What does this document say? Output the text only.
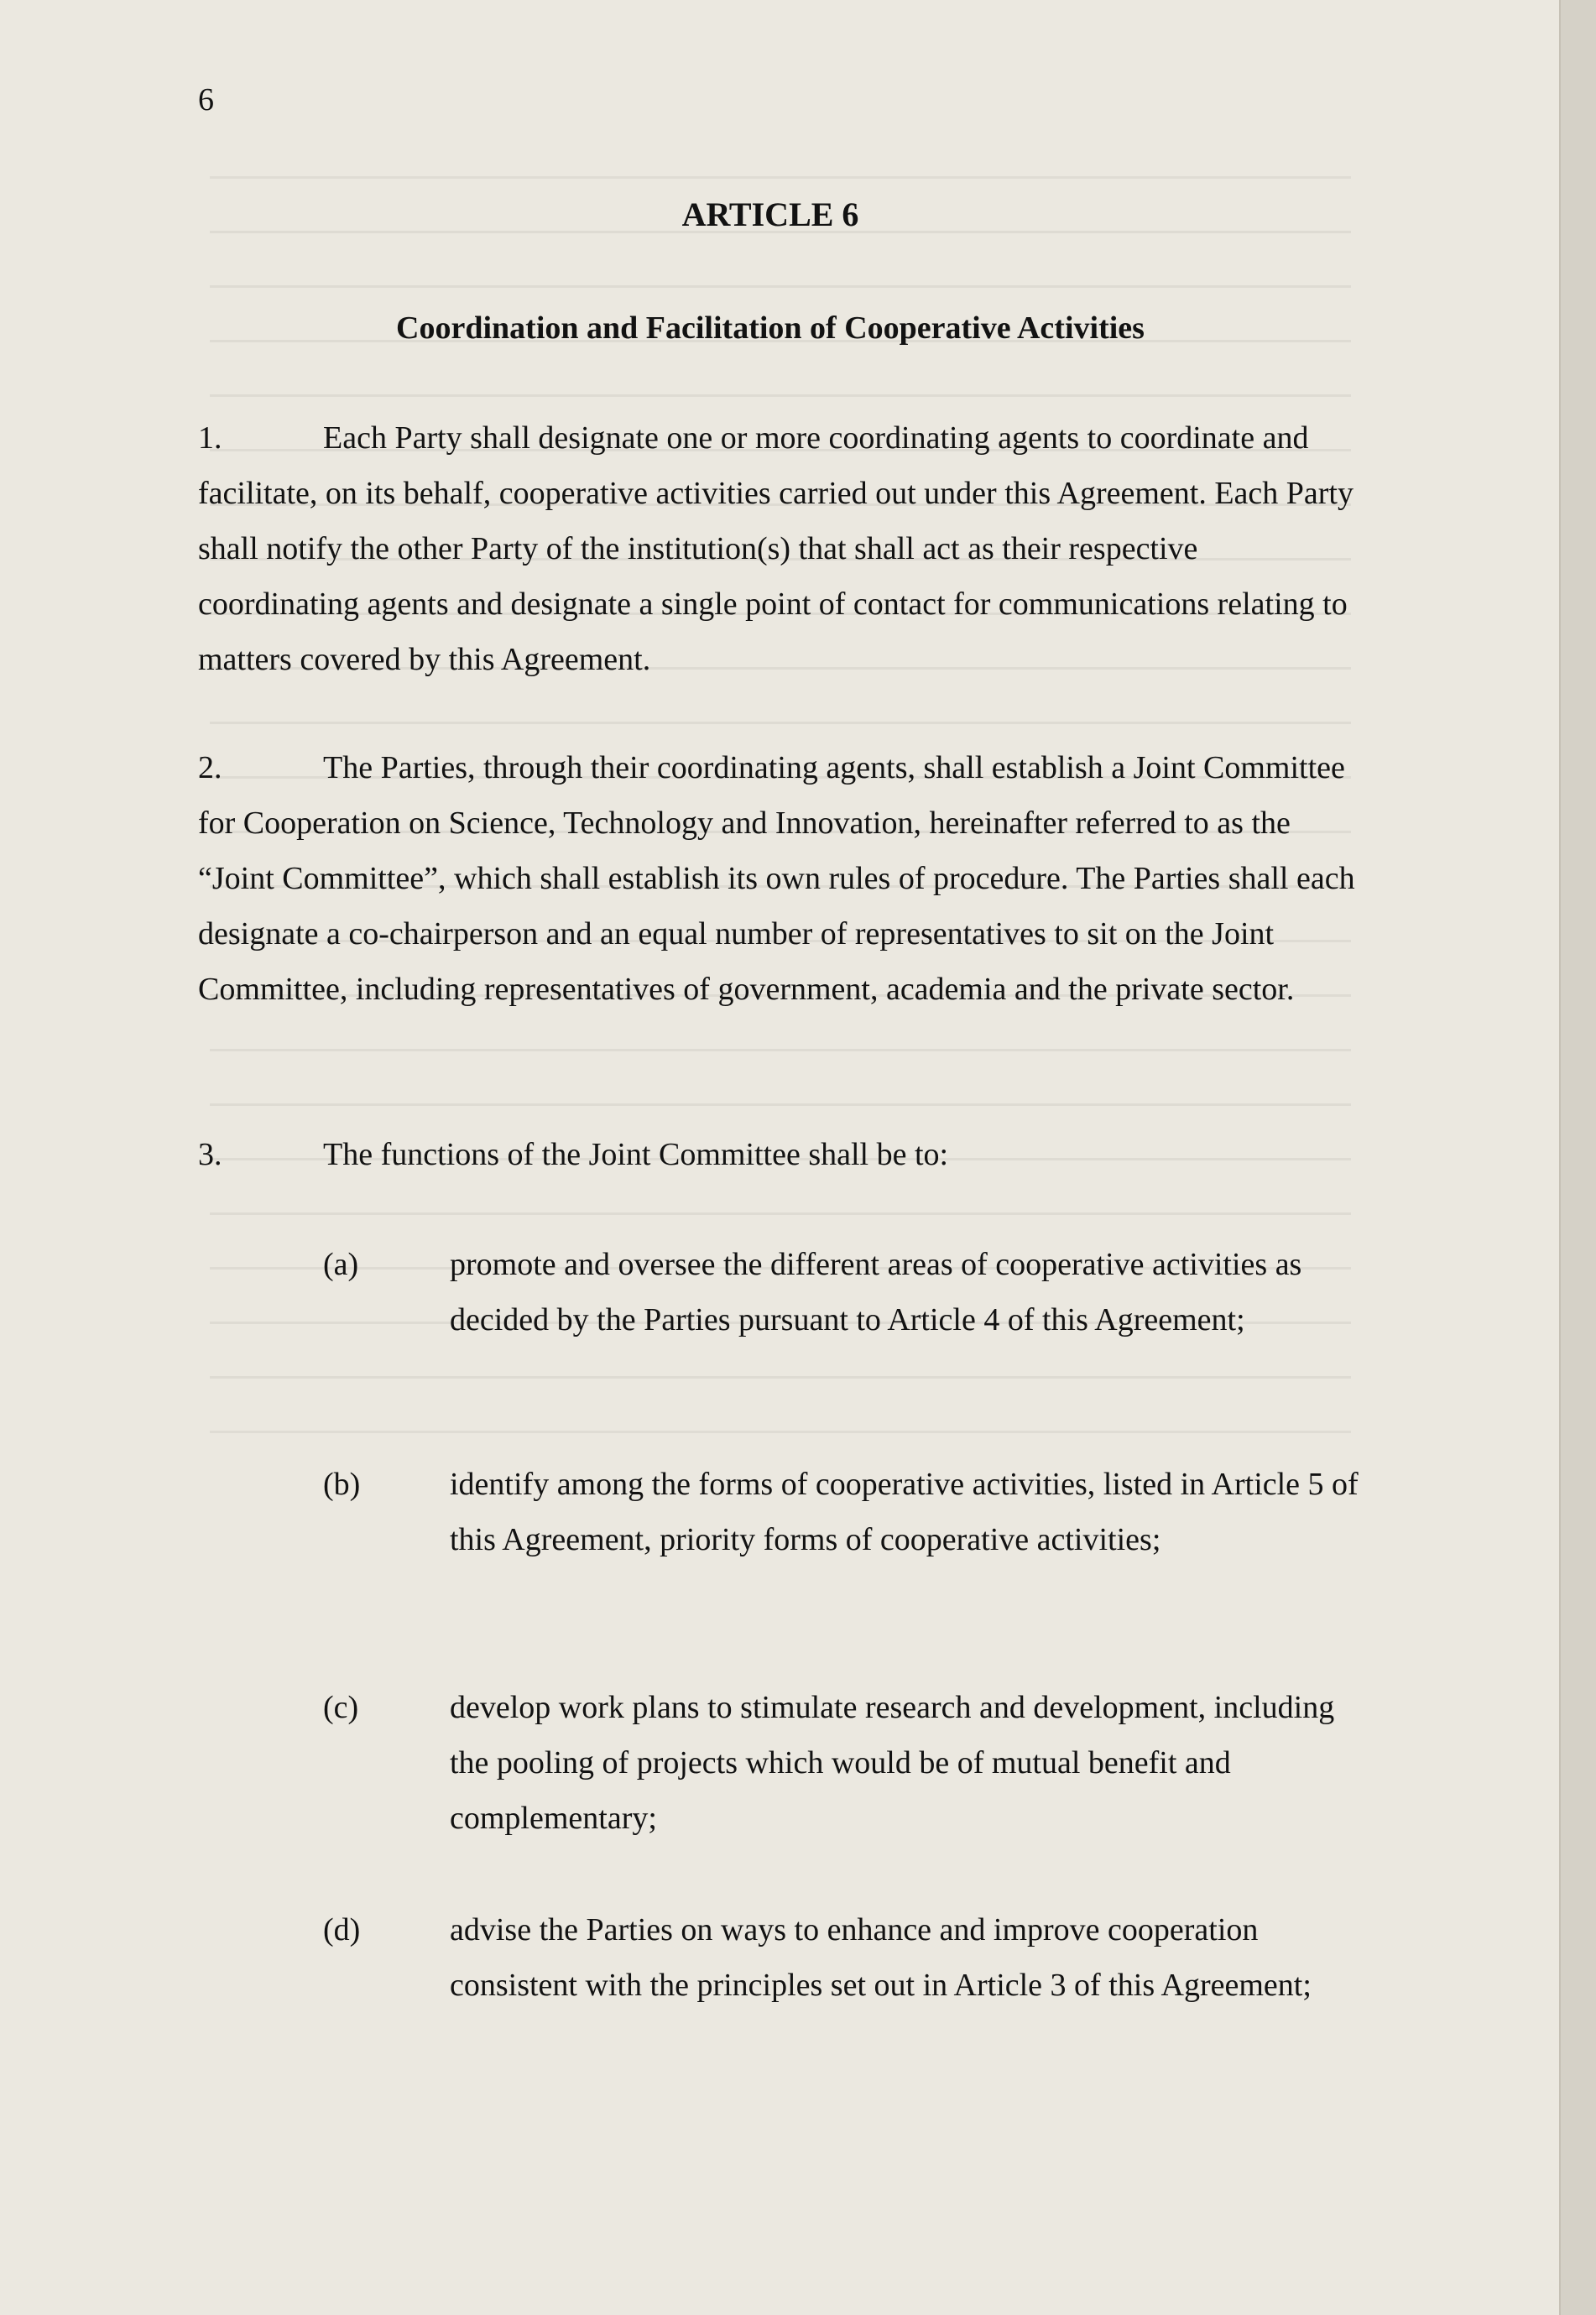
6
ARTICLE 6
Coordination and Facilitation of Cooperative Activities

1.	Each Party shall designate one or more coordinating agents to coordinate and facilitate, on its behalf, cooperative activities carried out under this Agreement. Each Party shall notify the other Party of the institution(s) that shall act as their respective coordinating agents and designate a single point of contact for communications relating to matters covered by this Agreement.

2.	The Parties, through their coordinating agents, shall establish a Joint Committee for Cooperation on Science, Technology and Innovation, hereinafter referred to as the “Joint Committee”, which shall establish its own rules of procedure. The Parties shall each designate a co-chairperson and an equal number of representatives to sit on the Joint Committee, including representatives of government, academia and the private sector.

3.	The functions of the Joint Committee shall be to:

(a)	promote and oversee the different areas of cooperative activities as decided by the Parties pursuant to Article 4 of this Agreement;
(b)	identify among the forms of cooperative activities, listed in Article 5 of this Agreement, priority forms of cooperative activities;
(c)	develop work plans to stimulate research and development, including the pooling of projects which would be of mutual benefit and complementary;
(d)	advise the Parties on ways to enhance and improve cooperation consistent with the principles set out in Article 3 of this Agreement;
